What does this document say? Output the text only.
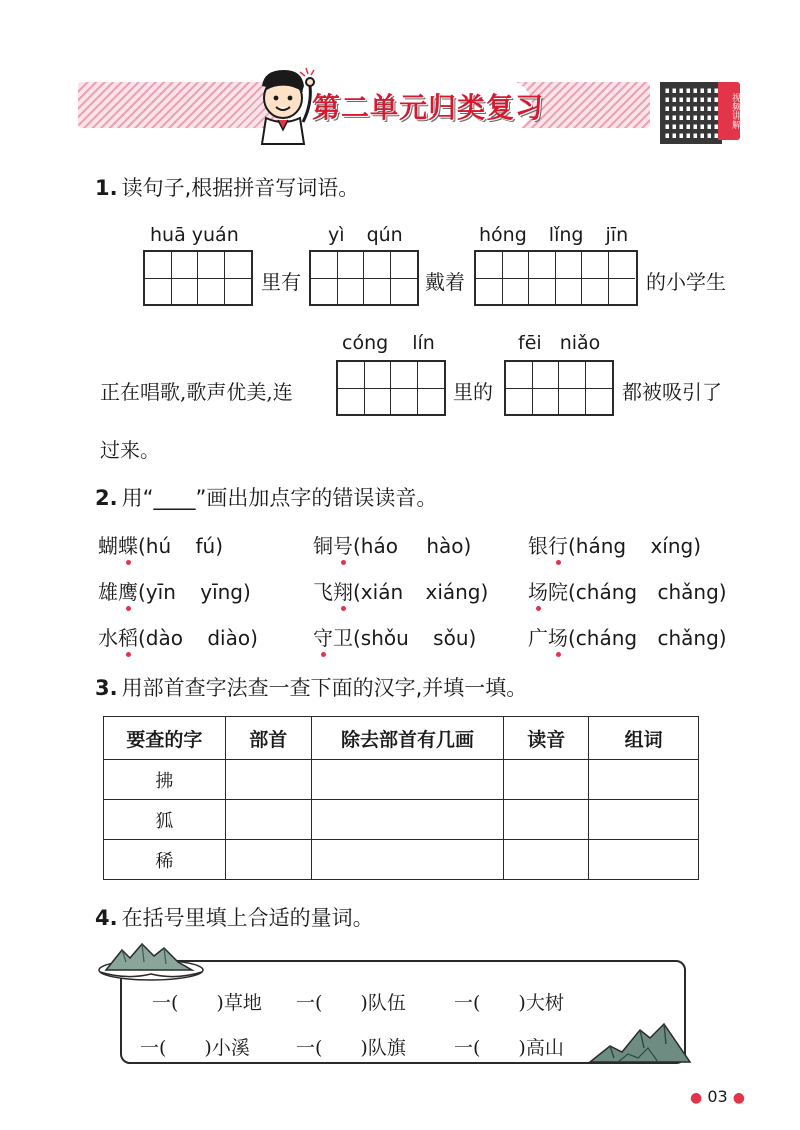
第二单元归类复习	视频讲解
1. 读句子,根据拼音写词语。
huā yuán	yì qún	hóng lǐng jīn
里有	戴着	的小学生
cóng lín	fēi niǎo
正在唱歌,歌声优美,连	里的	都被吸引了
过来。
2. 用“____”画出加点字的错误读音。
蝴蝶(hú fú)	铜号(háo hào)	银行(háng xíng)
雄鹰(yīn yīng)	飞翔(xián xiáng) 场院(cháng chǎng)
水稻(dào diào)	守卫(shǒu sǒu)	广场(cháng chǎng)
3. 用部首查字法查一查下面的汉字,并填一填。
要查的字	部首	除去部首有几画	读音	组词
拂				
狐				
稀				
4. 在括号里填上合适的量词。
一(　　)草地 一(　　)队伍	一(　　)大树
一(　　)小溪 一(　　)队旗	一(　　)高山
● 03 ●
